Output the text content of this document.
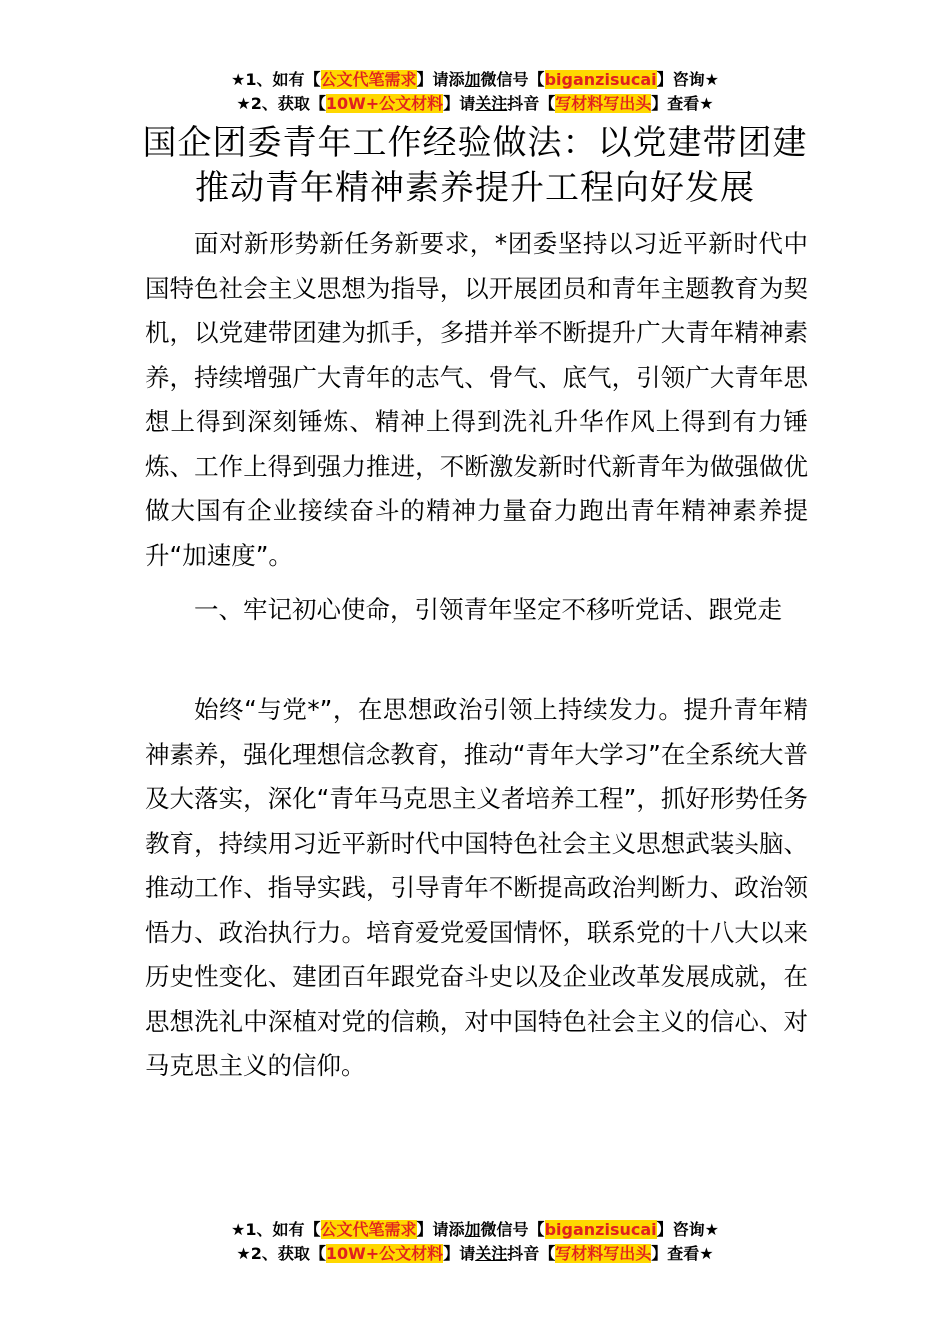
★1、如有【公文代笔需求】请添加微信号【biganzisucai】咨询★
★2、获取【10W+公文材料】请关注抖音【写材料写出头】查看★
国企团委青年工作经验做法：以党建带团建
推动青年精神素养提升工程向好发展

面对新形势新任务新要求，*团委坚持以习近平新时代中国特色社会主义思想为指导，以开展团员和青年主题教育为契机，以党建带团建为抓手，多措并举不断提升广大青年精神素养，持续增强广大青年的志气、骨气、底气，引领广大青年思想上得到深刻锤炼、精神上得到洗礼升华作风上得到有力锤炼、工作上得到强力推进，不断激发新时代新青年为做强做优做大国有企业接续奋斗的精神力量奋力跑出青年精神素养提升“加速度”。

一、牢记初心使命，引领青年坚定不移听党话、跟党走

始终“与党*”，在思想政治引领上持续发力。提升青年精神素养，强化理想信念教育，推动“青年大学习”在全系统大普及大落实，深化“青年马克思主义者培养工程”，抓好形势任务教育，持续用习近平新时代中国特色社会主义思想武装头脑、推动工作、指导实践，引导青年不断提高政治判断力、政治领悟力、政治执行力。培育爱党爱国情怀，联系党的十八大以来历史性变化、建团百年跟党奋斗史以及企业改革发展成就，在思想洗礼中深植对党的信赖，对中国特色社会主义的信心、对马克思主义的信仰。

★1、如有【公文代笔需求】请添加微信号【biganzisucai】咨询★
★2、获取【10W+公文材料】请关注抖音【写材料写出头】查看★
